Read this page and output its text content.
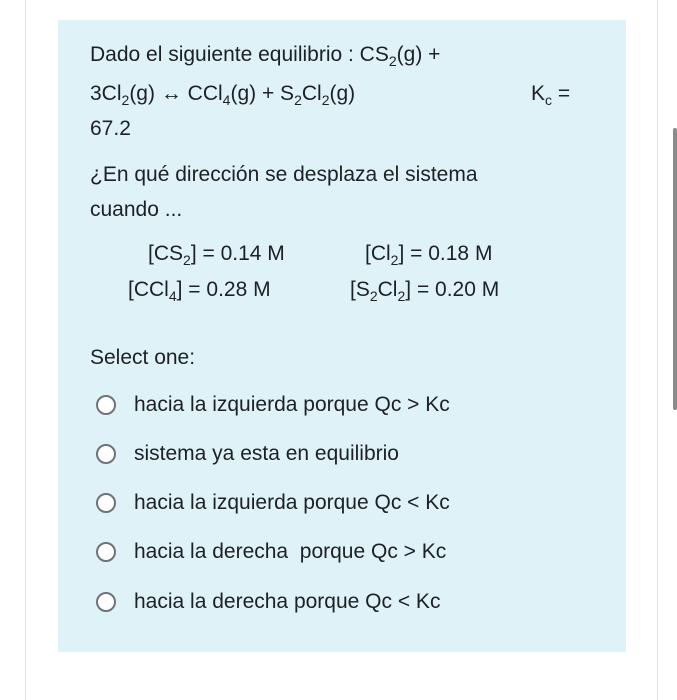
Dado el siguiente equilibrio : $CS_2(g)$ +
$3Cl_2(g)$ ↔ $CCl_4(g) + S_2Cl_2(g)$	$K_c$ =
67.2
¿En qué dirección se desplaza el sistema
cuando ...
$[CS_2] = 0.14$ M	$[Cl_2] = 0.18$ M
[CCl$_4$] = 0.28 M	$[S_2Cl_2] = 0.20$ M
Select one:
hacia la izquierda porque Qc > Kc
sistema ya esta en equilibrio
hacia la izquierda porque Qc < Kc
hacia la derecha  porque Qc > Kc
hacia la derecha porque Qc < Kc
